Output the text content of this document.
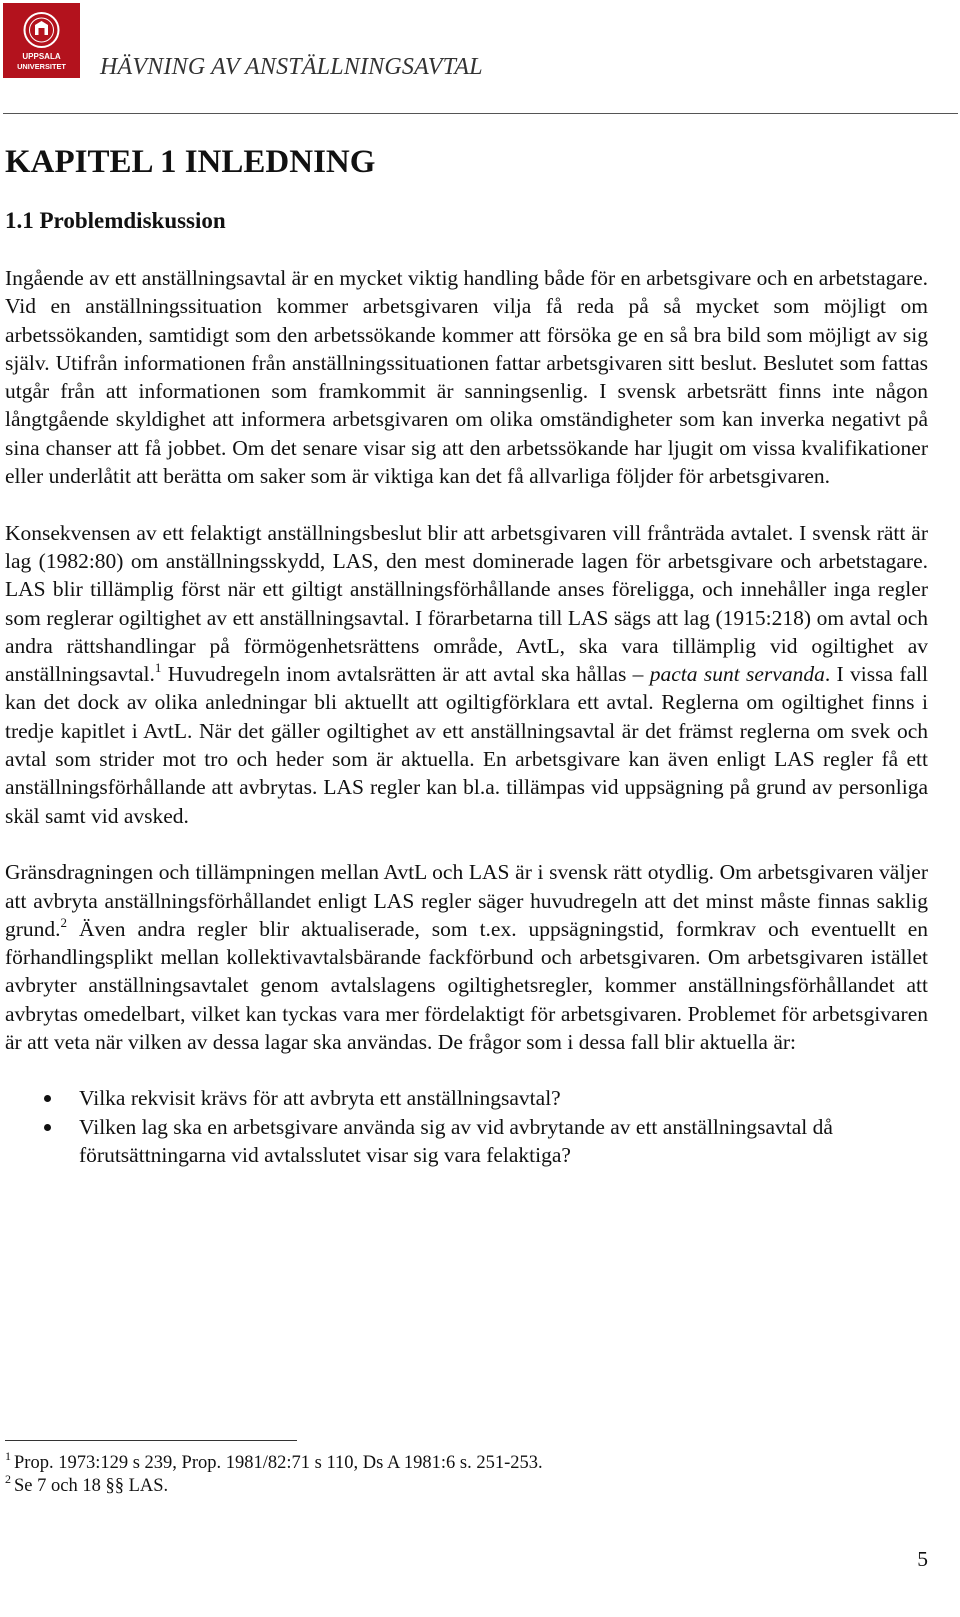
UPPSALA
UNIVERSITET HÄVNING AV ANSTÄLLNINGSAVTAL
KAPITEL 1 INLEDNING
1.1 Problemdiskussion

Ingående av ett anställningsavtal är en mycket viktig handling både för en arbetsgivare och en arbetstagare. Vid en anställningssituation kommer arbetsgivaren vilja få reda på så mycket som möjligt om arbetssökanden, samtidigt som den arbetssökande kommer att försöka ge en så bra bild som möjligt av sig själv. Utifrån informationen från anställningssituationen fattar arbetsgivaren sitt beslut. Beslutet som fattas utgår från att informationen som framkommit är sanningsenlig. I svensk arbetsrätt finns inte någon långtgående skyldighet att informera arbetsgivaren om olika omständigheter som kan inverka negativt på sina chanser att få jobbet. Om det senare visar sig att den arbetssökande har ljugit om vissa kvalifikationer eller underlåtit att berätta om saker som är viktiga kan det få allvarliga följder för arbetsgivaren.

Konsekvensen av ett felaktigt anställningsbeslut blir att arbetsgivaren vill frånträda avtalet. I svensk rätt är lag (1982:80) om anställningsskydd, LAS, den mest dominerade lagen för arbetsgivare och arbetstagare. LAS blir tillämplig först när ett giltigt anställningsförhållande anses föreligga, och innehåller inga regler som reglerar ogiltighet av ett anställningsavtal. I förarbetarna till LAS sägs att lag (1915:218) om avtal och andra rättshandlingar på förmögenhetsrättens område, AvtL, ska vara tillämplig vid ogiltighet av anställningsavtal.$^1$ Huvudregeln inom avtalsrätten är att avtal ska hållas – pacta sunt servanda. I vissa fall kan det dock av olika anledningar bli aktuellt att ogiltigförklara ett avtal. Reglerna om ogiltighet finns i tredje kapitlet i AvtL. När det gäller ogiltighet av ett anställningsavtal är det främst reglerna om svek och avtal som strider mot tro och heder som är aktuella. En arbetsgivare kan även enligt LAS regler få ett anställningsförhållande att avbrytas. LAS regler kan bl.a. tillämpas vid uppsägning på grund av personliga skäl samt vid avsked.

Gränsdragningen och tillämpningen mellan AvtL och LAS är i svensk rätt otydlig. Om arbetsgivaren väljer att avbryta anställningsförhållandet enligt LAS regler säger huvudregeln att det minst måste finnas saklig grund.$^2$ Även andra regler blir aktualiserade, som t.ex. uppsägningstid, formkrav och eventuellt en förhandlingsplikt mellan kollektivavtalsbärande fackförbund och arbetsgivaren. Om arbetsgivaren istället avbryter anställningsavtalet genom avtalslagens ogiltighetsregler, kommer anställningsförhållandet att avbrytas omedelbart, vilket kan tyckas vara mer fördelaktigt för arbetsgivaren. Problemet för arbetsgivaren är att veta när vilken av dessa lagar ska användas. De frågor som i dessa fall blir aktuella är:

Vilka rekvisit krävs för att avbryta ett anställningsavtal?
Vilken lag ska en arbetsgivare använda sig av vid avbrytande av ett anställningsavtal då förutsättningarna vid avtalsslutet visar sig vara felaktiga?
$^1$ Prop. 1973:129 s 239, Prop. 1981/82:71 s 110, Ds A 1981:6 s. 251-253.
$^2$ Se 7 och 18 §§ LAS.
5
